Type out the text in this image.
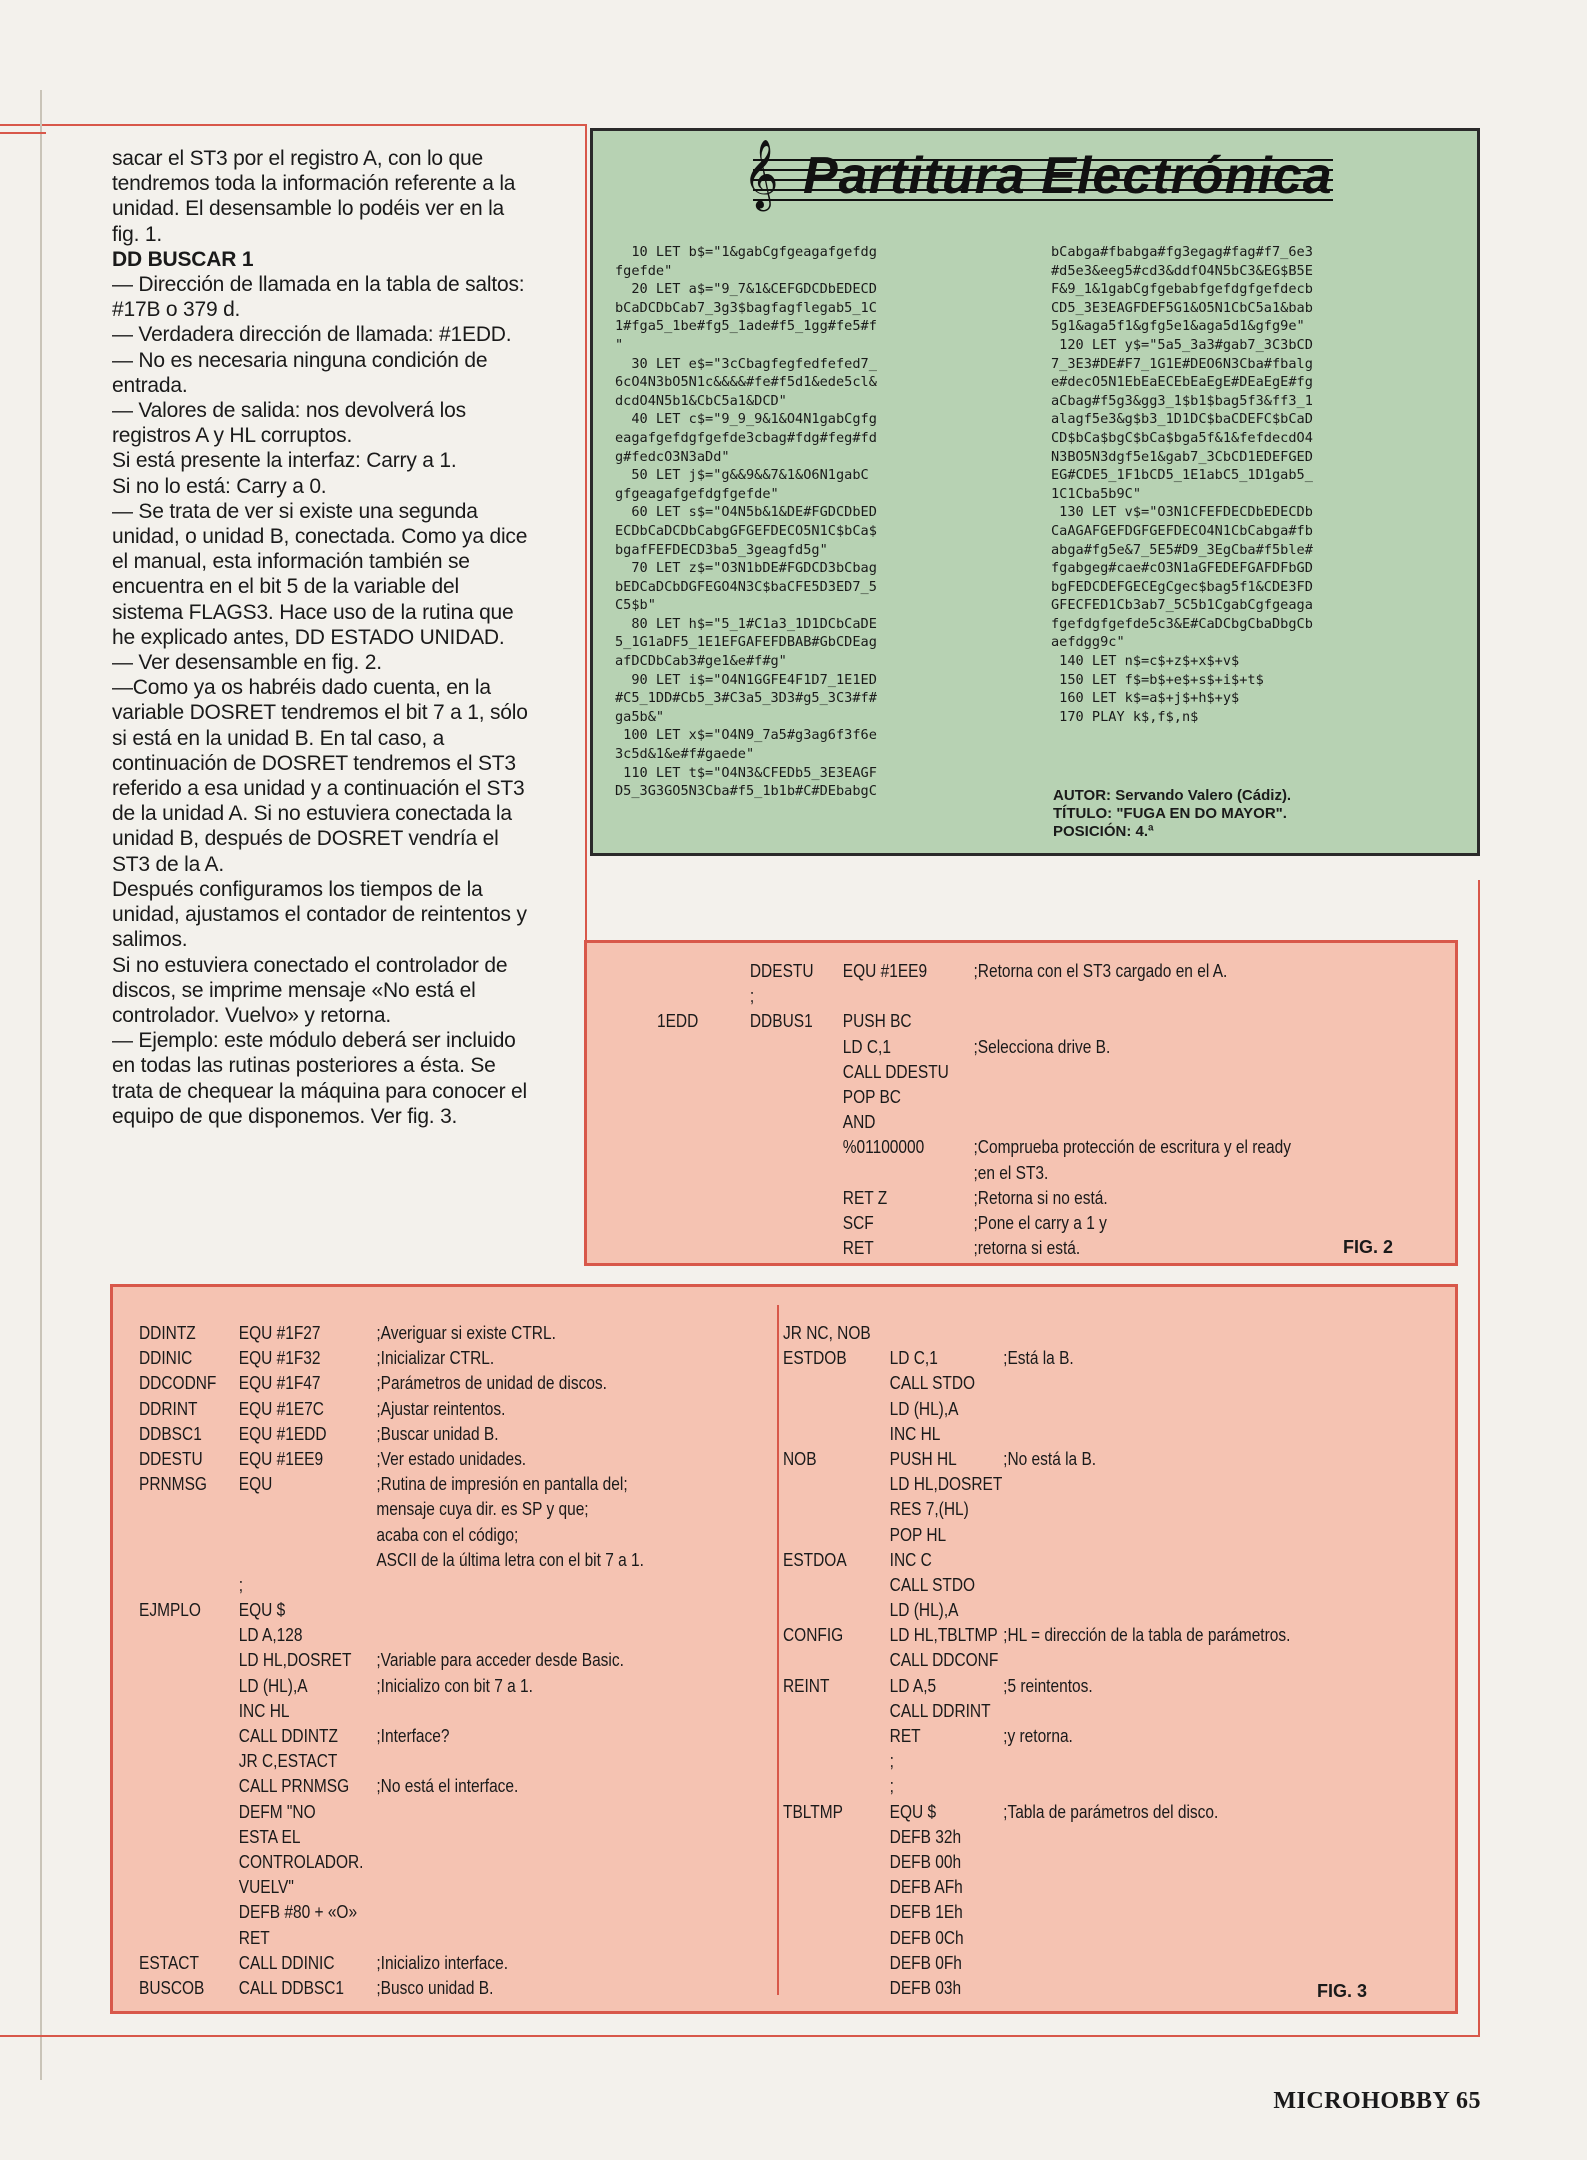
sacar el ST3 por el registro A, con lo que tendremos toda la información referente a la unidad. El desensamble lo podéis ver en la fig. 1.

DD BUSCAR 1

— Dirección de llamada en la tabla de saltos: #17B o 379 d.

— Verdadera dirección de llamada: #1EDD.

— No es necesaria ninguna condición de entrada.

— Valores de salida: nos devolverá los registros A y HL corruptos.

Si está presente la interfaz: Carry a 1.

Si no lo está: Carry a 0.

— Se trata de ver si existe una segunda unidad, o unidad B, conectada. Como ya dice el manual, esta información también se encuentra en el bit 5 de la variable del sistema FLAGS3. Hace uso de la rutina que he explicado antes, DD ESTADO UNIDAD.

— Ver desensamble en fig. 2.

—Como ya os habréis dado cuenta, en la variable DOSRET tendremos el bit 7 a 1, sólo si está en la unidad B. En tal caso, a continuación de DOSRET tendremos el ST3 referido a esa unidad y a continuación el ST3 de la unidad A. Si no estuviera conectada la unidad B, después de DOSRET vendría el ST3 de la A.

Después configuramos los tiempos de la unidad, ajustamos el contador de reintentos y salimos.

Si no estuviera conectado el controlador de discos, se imprime mensaje «No está el controlador. Vuelvo» y retorna.

— Ejemplo: este módulo deberá ser incluido en todas las rutinas posteriores a ésta. Se trata de chequear la máquina para conocer el equipo de que disponemos. Ver fig. 3.

𝄞 Partitura Electrónica
10 LET b$="1&gabCgfgeagafgefdg
fgefde"
20 LET a$="9_7&1&CEFGDCDbEDECD
bCaDCDbCab7_3g3$bagfagflegab5_1C
1#fga5_1be#fg5_1ade#f5_1gg#fe5#f
"
30 LET e$="3cCbagfegfedfefed7_
6cO4N3bO5N1c&&&&#fe#f5d1&ede5cl&
dcdO4N5b1&CbC5a1&DCD"
40 LET c$="9_9_9&1&O4N1gabCgfg
eagafgefdgfgefde3cbag#fdg#feg#fd
g#fedcO3N3aDd"
50 LET j$="g&&9&&7&1&O6N1gabC
gfgeagafgefdgfgefde"
60 LET s$="O4N5b&1&DE#FGDCDbED
ECDbCaDCDbCabgGFGEFDECO5N1C$bCa$
bgafFEFDECD3ba5_3geagfd5g"
70 LET z$="O3N1bDE#FGDCD3bCbag
bEDCaDCbDGFEGO4N3C$baCFE5D3ED7_5
C5$b"
80 LET h$="5_1#C1a3_1D1DCbCaDE
5_1G1aDF5_1E1EFGAFEFDBAB#GbCDEag
afDCDbCab3#ge1&e#f#g"
90 LET i$="O4N1GGFE4F1D7_1E1ED
#C5_1DD#Cb5_3#C3a5_3D3#g5_3C3#f#
ga5b&"
100 LET x$="O4N9_7a5#g3ag6f3f6e
3c5d&1&e#f#gaede"
110 LET t$="O4N3&CFEDb5_3E3EAGF
D5_3G3GO5N3Cba#f5_1b1b#C#DEbabgC
bCabga#fbabga#fg3egag#fag#f7_6e3
#d5e3&eeg5#cd3&ddfO4N5bC3&EG$B5E
F&9_1&1gabCgfgebabfgefdgfgefdecb
CD5_3E3EAGFDEF5G1&O5N1CbC5a1&bab
5g1&aga5f1&gfg5e1&aga5d1&gfg9e"
120 LET y$="5a5_3a3#gab7_3C3bCD
7_3E3#DE#F7_1G1E#DEO6N3Cba#fbalg
e#decO5N1EbEaECEbEaEgE#DEaEgE#fg
aCbag#f5g3&gg3_1$b1$bag5f3&ff3_1
alagf5e3&g$b3_1D1DC$baCDEFC$bCaD
CD$bCa$bgC$bCa$bga5f&1&fefdecdO4
N3BO5N3dgf5e1&gab7_3CbCD1EDEFGED
EG#CDE5_1F1bCD5_1E1abC5_1D1gab5_
1C1Cba5b9C"
130 LET v$="O3N1CFEFDECDbEDECDb
CaAGAFGEFDGFGEFDECO4N1CbCabga#fb
abga#fg5e&7_5E5#D9_3EgCba#f5ble#
fgabgeg#cae#cO3N1aGFEDEFGAFDFbGD
bgFEDCDEFGECEgCgec$bag5f1&CDE3FD
GFECFED1Cb3ab7_5C5b1CgabCgfgeaga
fgefdgfgefde5c3&E#CaDCbgCbaDbgCb
aefdgg9c"
140 LET n$=c$+z$+x$+v$
150 LET f$=b$+e$+s$+i$+t$
160 LET k$=a$+j$+h$+y$
170 PLAY k$,f$,n$
AUTOR: Servando Valero (Cádiz).
TÍTULO: "FUGA EN DO MAYOR".
POSICIÓN: 4.ª
DDESTU EQU #1EE9	;Retorna con el ST3 cargado en el A.
;
1EDD	DDBUS1 PUSH BC
LD C,1	;Selecciona drive B.
CALL DDESTU
POP BC
AND
%01100000	;Comprueba protección de escritura y el ready
;en el ST3.
RET Z	;Retorna si no está.
SCF	;Pone el carry a 1 y
RET	;retorna si está.	FIG. 2
DDINTZ EQU #1F27	;Averiguar si existe CTRL.
DDINIC	EQU #1F32	;Inicializar CTRL.
DDCODNF EQU #1F47	;Parámetros de unidad de discos.
DDRINT EQU #1E7C	;Ajustar reintentos.
DDBSC1 EQU #1EDD	;Buscar unidad B.
DDESTU EQU #1EE9	;Ver estado unidades.
PRNMSG EQU	;Rutina de impresión en pantalla del;
mensaje cuya dir. es SP y que;
acaba con el código;
ASCII de la última letra con el bit 7 a 1.
;
EJMPLO EQU $
LD A,128
LD HL,DOSRET ;Variable para acceder desde Basic.
LD (HL),A	;Inicializo con bit 7 a 1.
INC HL
CALL DDINTZ ;Interface?
JR C,ESTACT
CALL PRNMSG ;No está el interface.
DEFM "NO
ESTA EL
CONTROLADOR.
VUELV"
DEFB #80 + «O»
RET
ESTACT CALL DDINIC ;Inicializo interface.
BUSCOB CALL DDBSC1 ;Busco unidad B.
JR NC, NOB
ESTDOB LD C,1	;Está la B.
CALL STDO
LD (HL),A
INC HL
NOB	PUSH HL	;No está la B.
LD HL,DOSRET
RES 7,(HL)
POP HL
ESTDOA INC C
CALL STDO
LD (HL),A
CONFIG	LD HL,TBLTMP ;HL = dirección de la tabla de parámetros.
CALL DDCONF
REINT	LD A,5	;5 reintentos.
CALL DDRINT
RET	;y retorna.
;
;
TBLTMP	EQU $	;Tabla de parámetros del disco.
DEFB 32h
DEFB 00h
DEFB AFh
DEFB 1Eh
DEFB 0Ch
DEFB 0Fh
DEFB 03h	FIG. 3
MICROHOBBY 65
